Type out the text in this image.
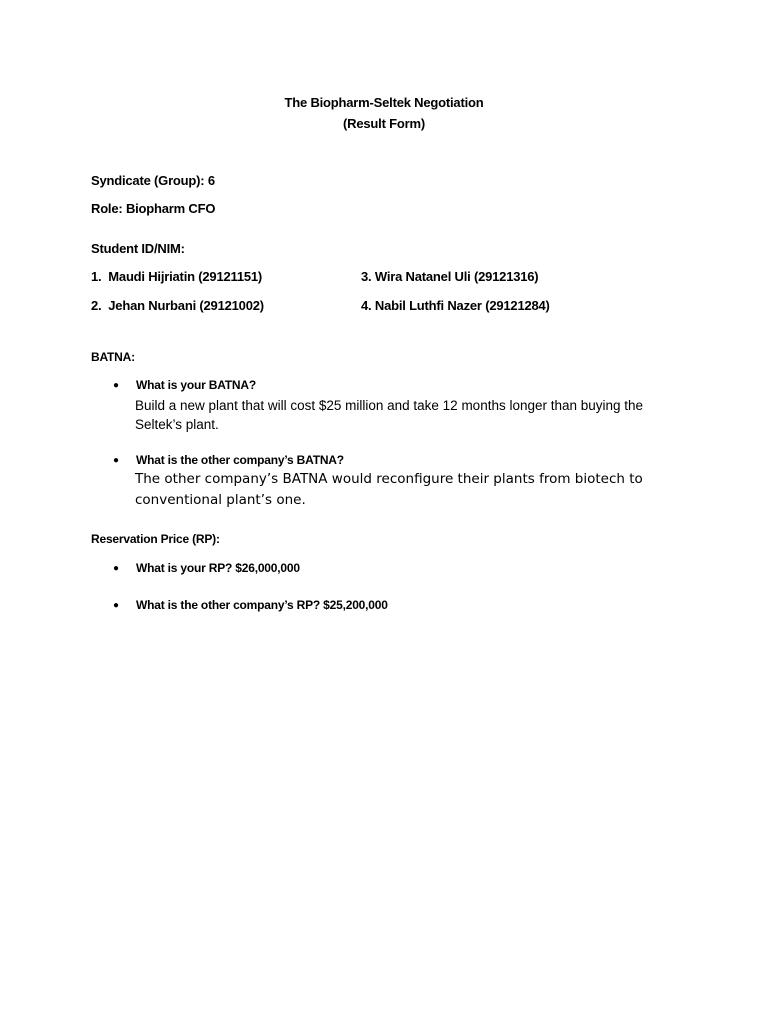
The Biopharm-Seltek Negotiation
(Result Form)
Syndicate (Group): 6
Role: Biopharm CFO
Student ID/NIM:
1. Maudi Hijriatin (29121151)
2. Jehan Nurbani (29121002)
3. Wira Natanel Uli (29121316)
4. Nabil Luthfi Nazer (29121284)
BATNA:
● What is your BATNA?
Build a new plant that will cost $25 million and take 12 months longer than buying the
Seltek’s plant.
● What is the other company’s BATNA?
The other company’s BATNA would reconfigure their plants from biotech to
conventional plant’s one.
Reservation Price (RP):
● What is your RP? $26,000,000
● What is the other company’s RP? $25,200,000
